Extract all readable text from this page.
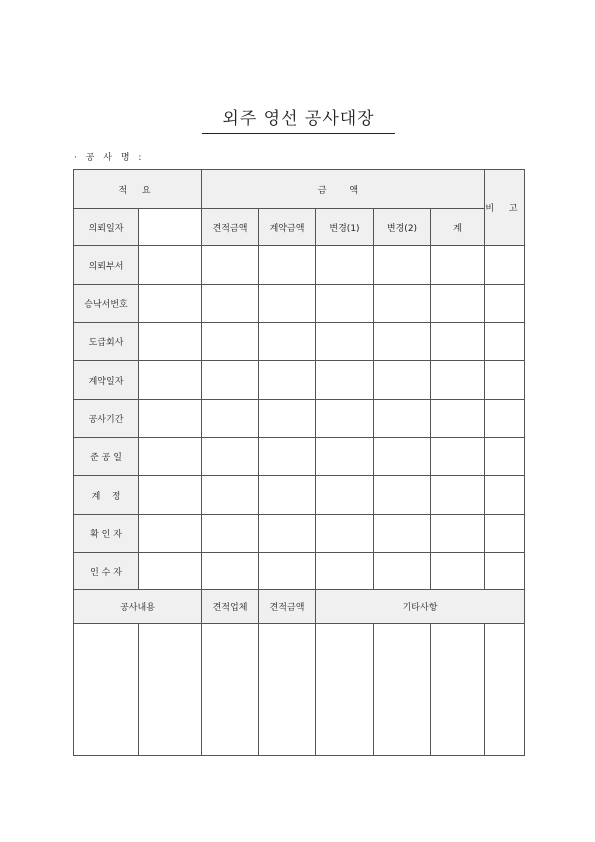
외주 영선 공사대장
· 공 사 명 :
적 요		금 액					비 고
의뢰일자		견적금액	계약금액	변경(1)	변경(2)	계	
의뢰부서							
승낙서번호							
도급회사							
계약일자							
공사기간							
준 공 일							
계    정							
확 인 자							
인 수 자							
공사내용		견적업체	견적금액	기타사항			
